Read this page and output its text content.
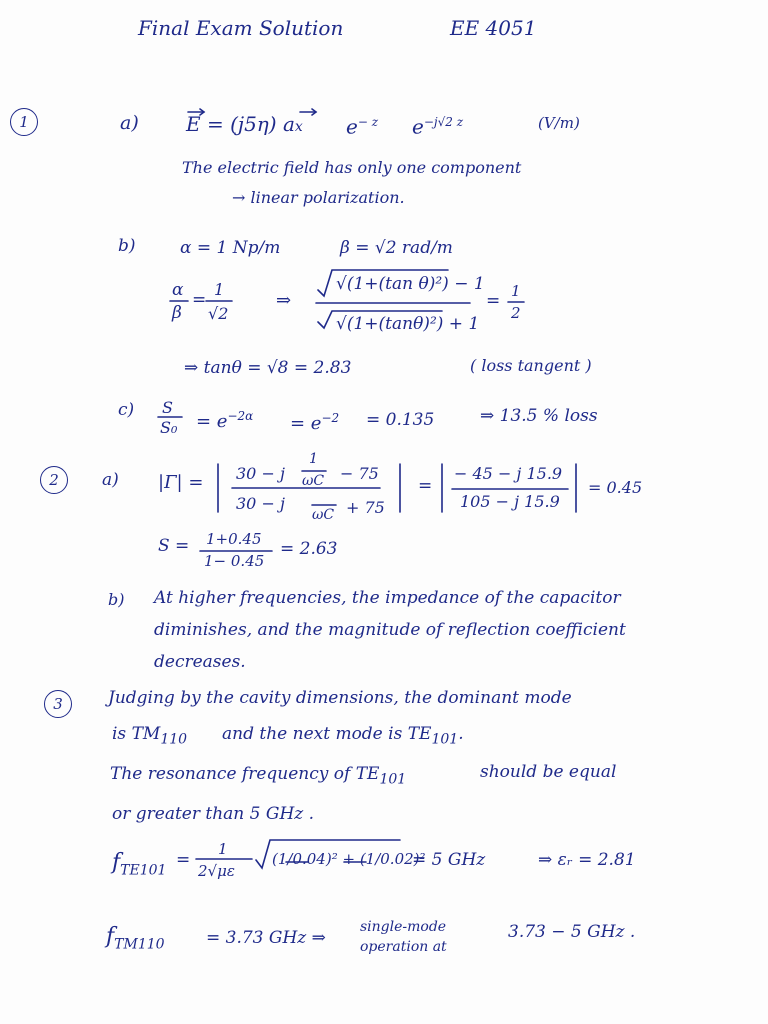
Final Exam Solution	EE 4051
1	a) E = (j5η) ax $e^{- z}$ $e^{-j√2 z}$	(V/m)
The electric field has only one component
→ linear polarization.
b)	α = 1 Np/m	β = √2 rad/m
α
β
=
1
√2
⇒
√(1+(tan θ)²) − 1
√(1+(tanθ)²) + 1
= 1
2
⇒ tanθ = √8 = 2.83	( loss tangent )
c) S
$S_0 = e^{-2\alpha} = e^{-2} = 0.135$	⇒ 13.5 % loss
2	a) |Γ| = 30 − j
1
ωC − 75
30 − j
ωC + 75
=
− 45 − j 15.9
105 − j 15.9
= 0.45
S = 1+0.45
1− 0.45
= 2.63
b) At higher frequencies, the impedance of the capacitor
diminishes, and the magnitude of reflection coefficient
decreases.
3	Judging by the cavity dimensions, the dominant mode
is $TM_{110}$ and the next mode is $TE_{101}$.
The resonance frequency of $TE_{101}$	should be equal
or greater than 5 GHz .
$f_{TE101}$
=
1
2√με
(1/0.04)² + (1/0.02)²
= 5 GHz	⇒ εᵣ = 2.81
$f_{TM110} = 3.73$ GHz ⇒
single-mode
operation at
3.73 − 5 GHz .
